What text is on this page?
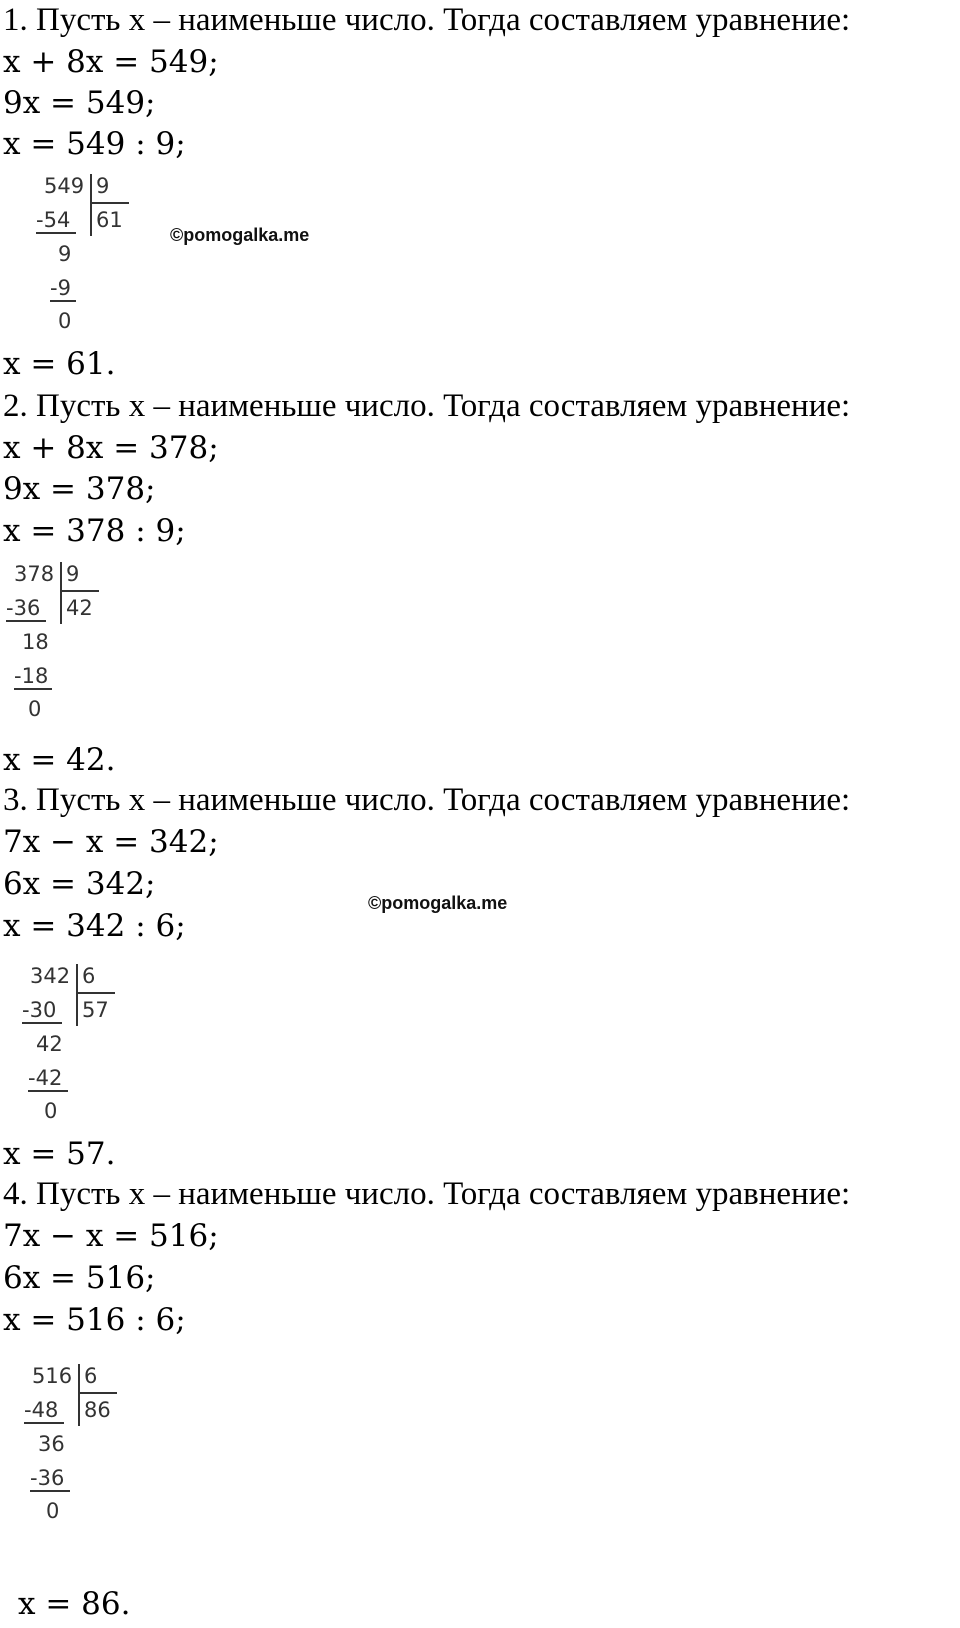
1. Пусть x – наименьше число. Тогда составляем уравнение:
x + 8x = 549;
9x = 549;
x = 549 : 9;
549 9
61
-54
9
-9
0
©pomogalka.me
x = 61.
2. Пусть x – наименьше число. Тогда составляем уравнение:
x + 8x = 378;
9x = 378;
x = 378 : 9;
378 9
42
-36
18
-18
0
x = 42.
3. Пусть x – наименьше число. Тогда составляем уравнение:
7x − x = 342;
6x = 342;
x = 342 : 6;
©pomogalka.me
342 6
57
-30
42
-42
0
x = 57.
4. Пусть x – наименьше число. Тогда составляем уравнение:
7x − x = 516;
6x = 516;
x = 516 : 6;
516 6
86
-48
36
-36
0
x = 86.
